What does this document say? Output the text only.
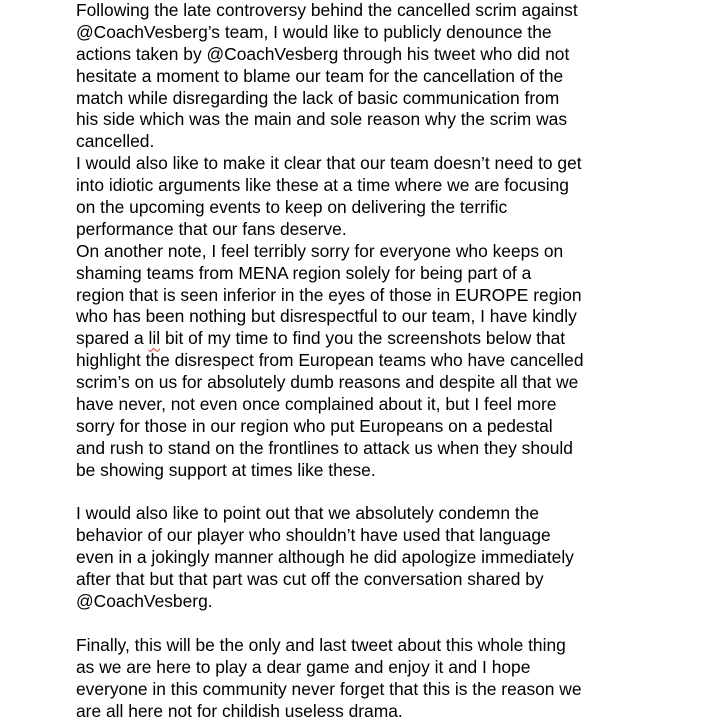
Following the late controversy behind the cancelled scrim against
@CoachVesberg’s team, I would like to publicly denounce the
actions taken by @CoachVesberg through his tweet who did not
hesitate a moment to blame our team for the cancellation of the
match while disregarding the lack of basic communication from
his side which was the main and sole reason why the scrim was
cancelled.
I would also like to make it clear that our team doesn’t need to get
into idiotic arguments like these at a time where we are focusing
on the upcoming events to keep on delivering the terrific
performance that our fans deserve.
On another note, I feel terribly sorry for everyone who keeps on
shaming teams from MENA region solely for being part of a
region that is seen inferior in the eyes of those in EUROPE region
who has been nothing but disrespectful to our team, I have kindly
spared a lil bit of my time to find you the screenshots below that
highlight the disrespect from European teams who have cancelled
scrim’s on us for absolutely dumb reasons and despite all that we
have never, not even once complained about it, but I feel more
sorry for those in our region who put Europeans on a pedestal
and rush to stand on the frontlines to attack us when they should
be showing support at times like these.
I would also like to point out that we absolutely condemn the
behavior of our player who shouldn’t have used that language
even in a jokingly manner although he did apologize immediately
after that but that part was cut off the conversation shared by
@CoachVesberg.
Finally, this will be the only and last tweet about this whole thing
as we are here to play a dear game and enjoy it and I hope
everyone in this community never forget that this is the reason we
are all here not for childish useless drama.
